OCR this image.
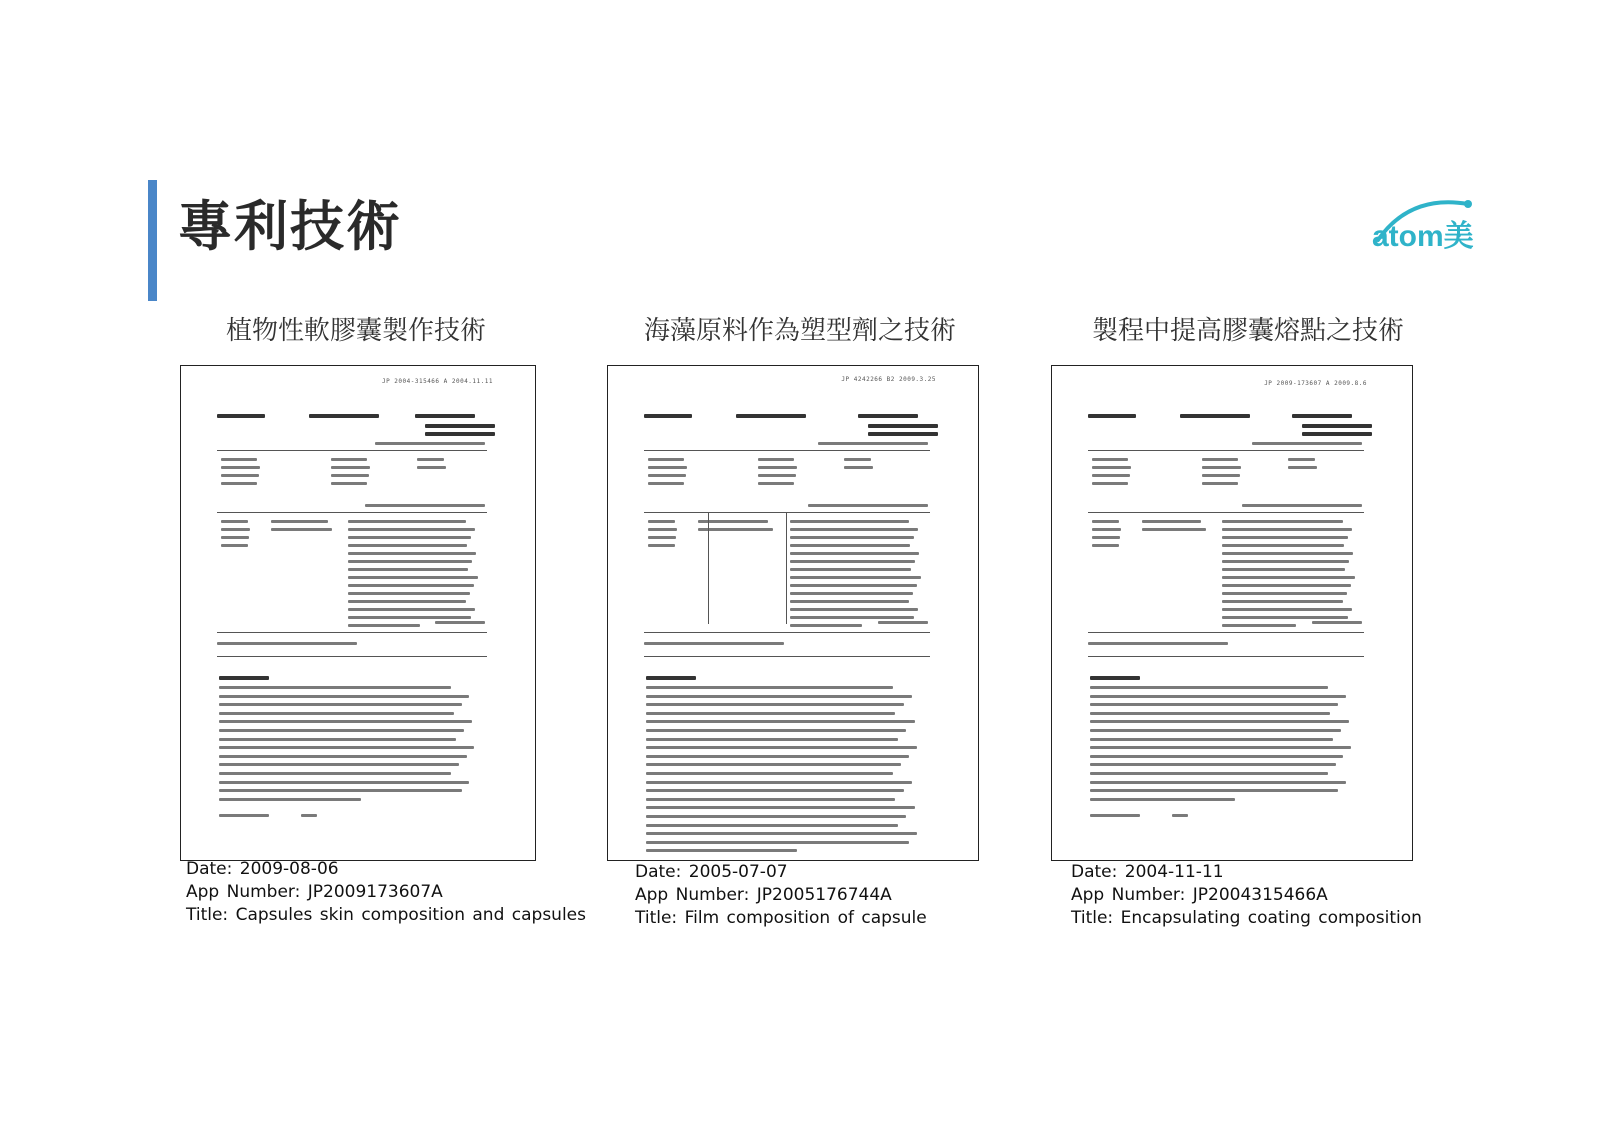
專利技術	atom美
植物性軟膠囊製作技術	海藻原料作為塑型劑之技術	製程中提高膠囊熔點之技術
JP 2004-315466 A 2004.11.11	JP 4242266 B2 2009.3.25
JP 2009-173607 A 2009.8.6
Date: 2009-08-06
App Number: JP2009173607A
Title: Capsules skin composition and capsules
Date: 2005-07-07
App Number: JP2005176744A
Title: Film composition of capsule
Date: 2004-11-11
App Number: JP2004315466A
Title: Encapsulating coating composition
